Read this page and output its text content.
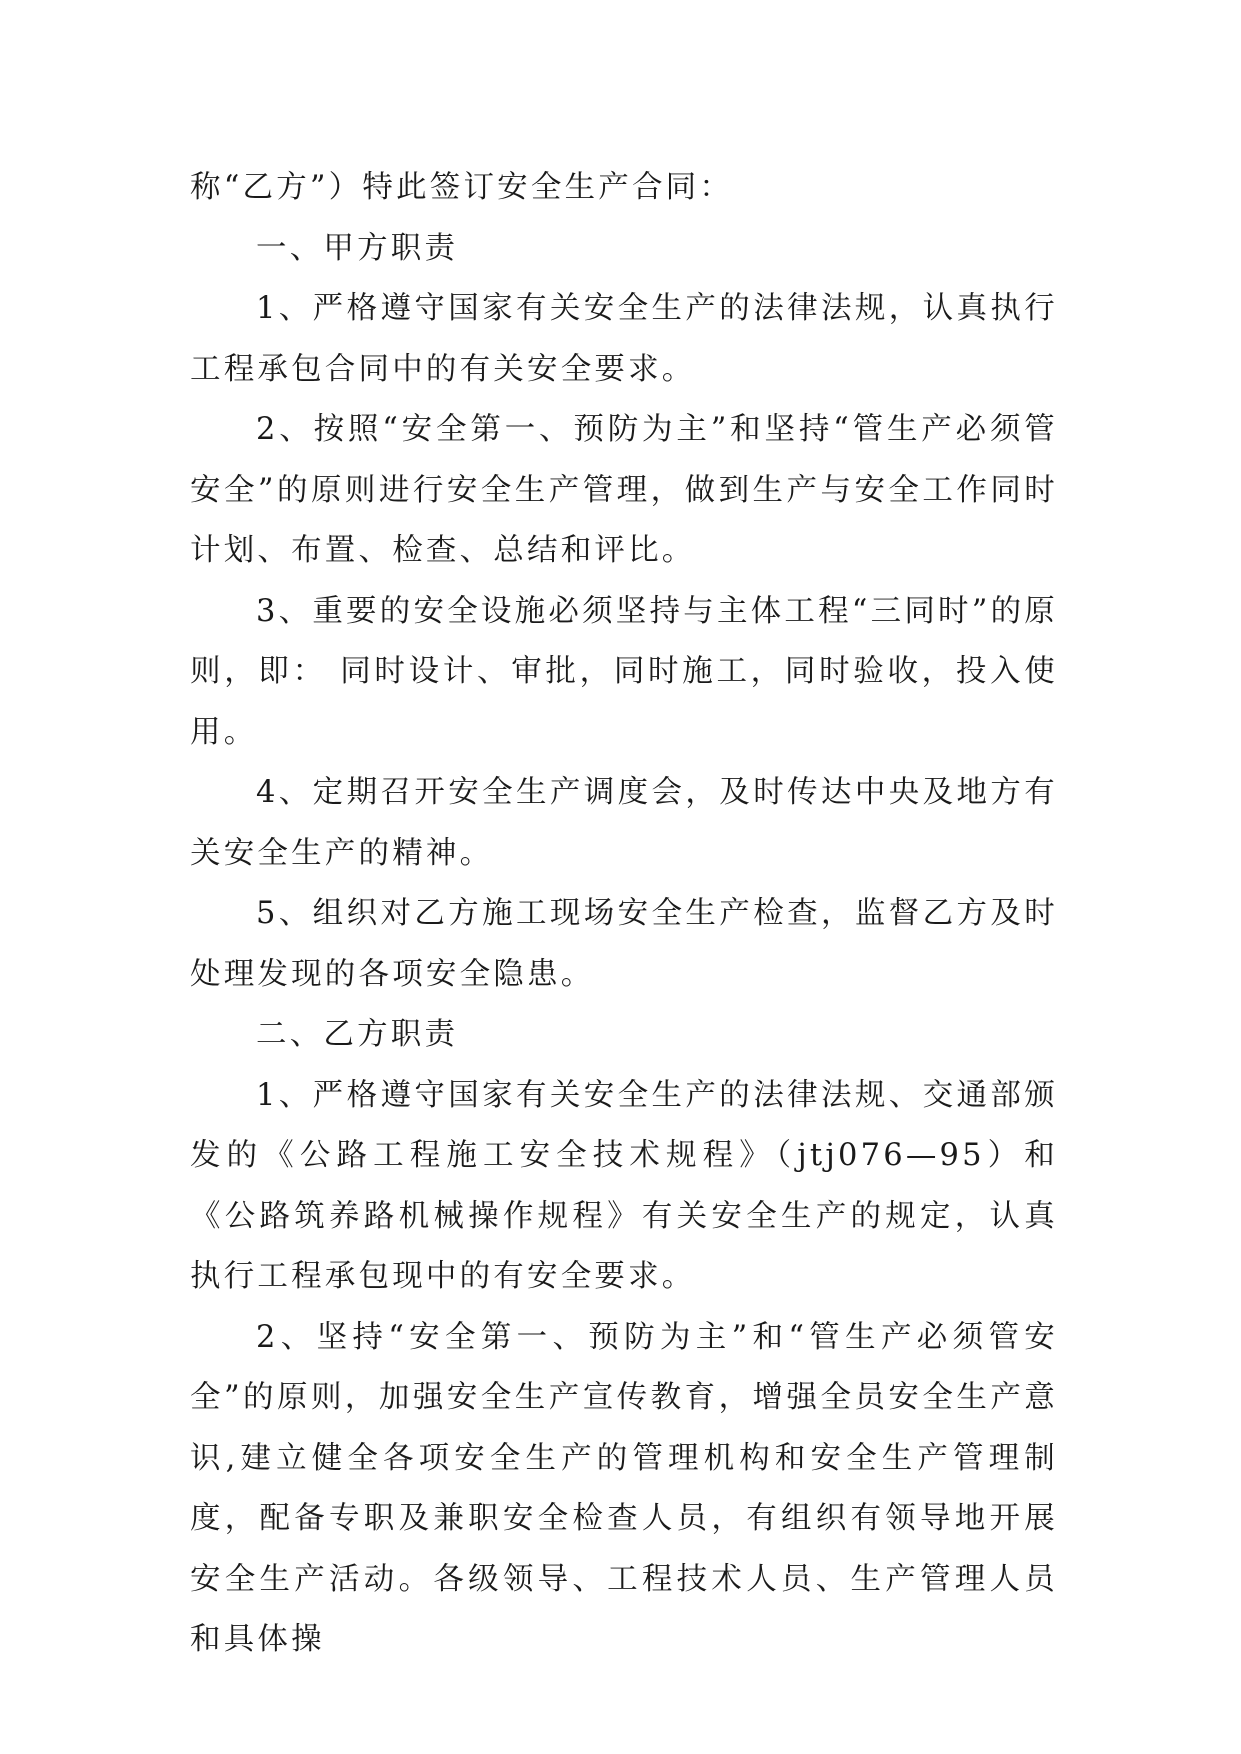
称“乙方”）特此签订安全生产合同：

一、甲方职责

1、严格遵守国家有关安全生产的法律法规，认真执行工程承包合同中的有关安全要求。

2、按照“安全第一、预防为主”和坚持“管生产必须管安全”的原则进行安全生产管理，做到生产与安全工作同时计划、布置、检查、总结和评比。

3、重要的安全设施必须坚持与主体工程“三同时”的原则，即： 同时设计、审批，同时施工，同时验收，投入使用。

4、定期召开安全生产调度会，及时传达中央及地方有关安全生产的精神。

5、组织对乙方施工现场安全生产检查，监督乙方及时处理发现的各项安全隐患。

二、乙方职责

1、严格遵守国家有关安全生产的法律法规、交通部颁发的《公路工程施工安全技术规程》（jtj076—95）和《公路筑养路机械操作规程》有关安全生产的规定，认真执行工程承包现中的有安全要求。

2、坚持“安全第一、预防为主”和“管生产必须管安全”的原则，加强安全生产宣传教育，增强全员安全生产意识,建立健全各项安全生产的管理机构和安全生产管理制度，配备专职及兼职安全检查人员，有组织有领导地开展安全生产活动。各级领导、工程技术人员、生产管理人员和具体操
